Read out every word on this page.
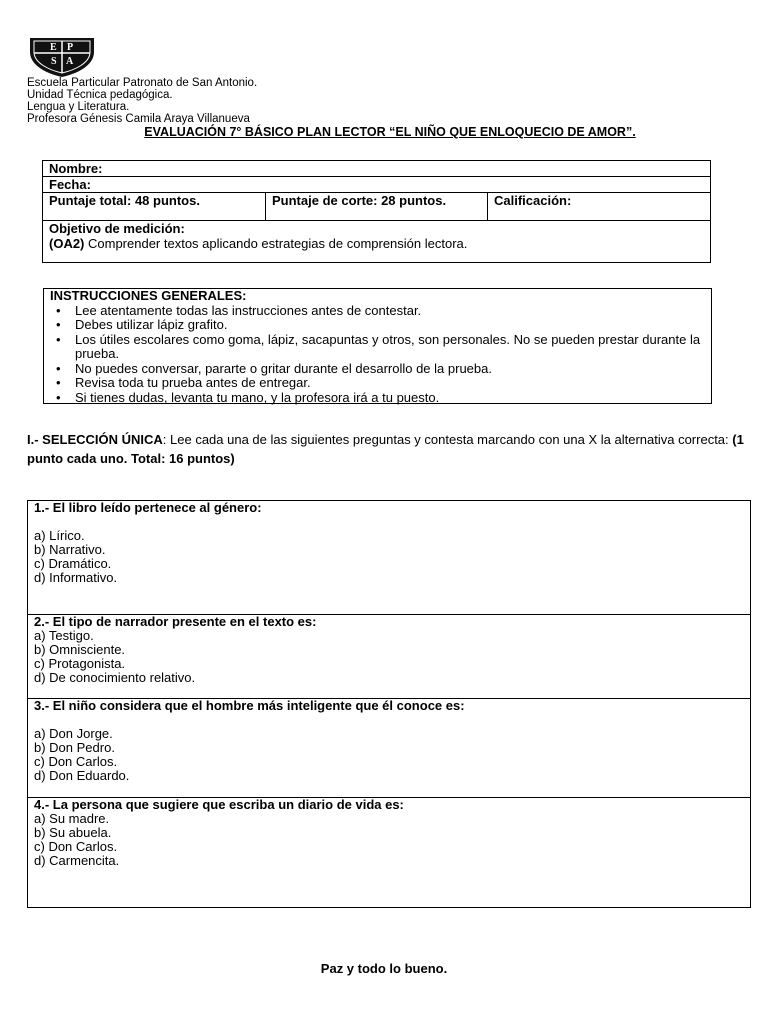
E P
S A
Escuela Particular Patronato de San Antonio.
Unidad Técnica pedagógica.
Lengua y Literatura.
Profesora Génesis Camila Araya Villanueva
EVALUACIÓN 7° BÁSICO PLAN LECTOR “EL NIÑO QUE ENLOQUECIO DE AMOR”.
Nombre:
Fecha:
Puntaje total: 48 puntos.	Puntaje de corte: 28 puntos.	Calificación:

Objetivo de medición:
(OA2) Comprender textos aplicando estrategias de comprensión lectora.
INSTRUCCIONES GENERALES:
• Lee atentamente todas las instrucciones antes de contestar.
• Debes utilizar lápiz grafito.
• Los útiles escolares como goma, lápiz, sacapuntas y otros, son personales. No se pueden prestar durante la prueba.
• No puedes conversar, pararte o gritar durante el desarrollo de la prueba.
• Revisa toda tu prueba antes de entregar.
• Si tienes dudas, levanta tu mano, y la profesora irá a tu puesto.
I.- SELECCIÓN ÚNICA: Lee cada una de las siguientes preguntas y contesta marcando con una X la alternativa correcta: (1 punto cada uno. Total: 16 puntos)
1.- El libro leído pertenece al género:
a) Lírico.
b) Narrativo.
c) Dramático.
d) Informativo.
2.- El tipo de narrador presente en el texto es:
a) Testigo.
b) Omnisciente.
c) Protagonista.
d) De conocimiento relativo.
3.- El niño considera que el hombre más inteligente que él conoce es:
a) Don Jorge.
b) Don Pedro.
c) Don Carlos.
d) Don Eduardo.
4.- La persona que sugiere que escriba un diario de vida es:
a) Su madre.
b) Su abuela.
c) Don Carlos.
d) Carmencita.
Paz y todo lo bueno.
